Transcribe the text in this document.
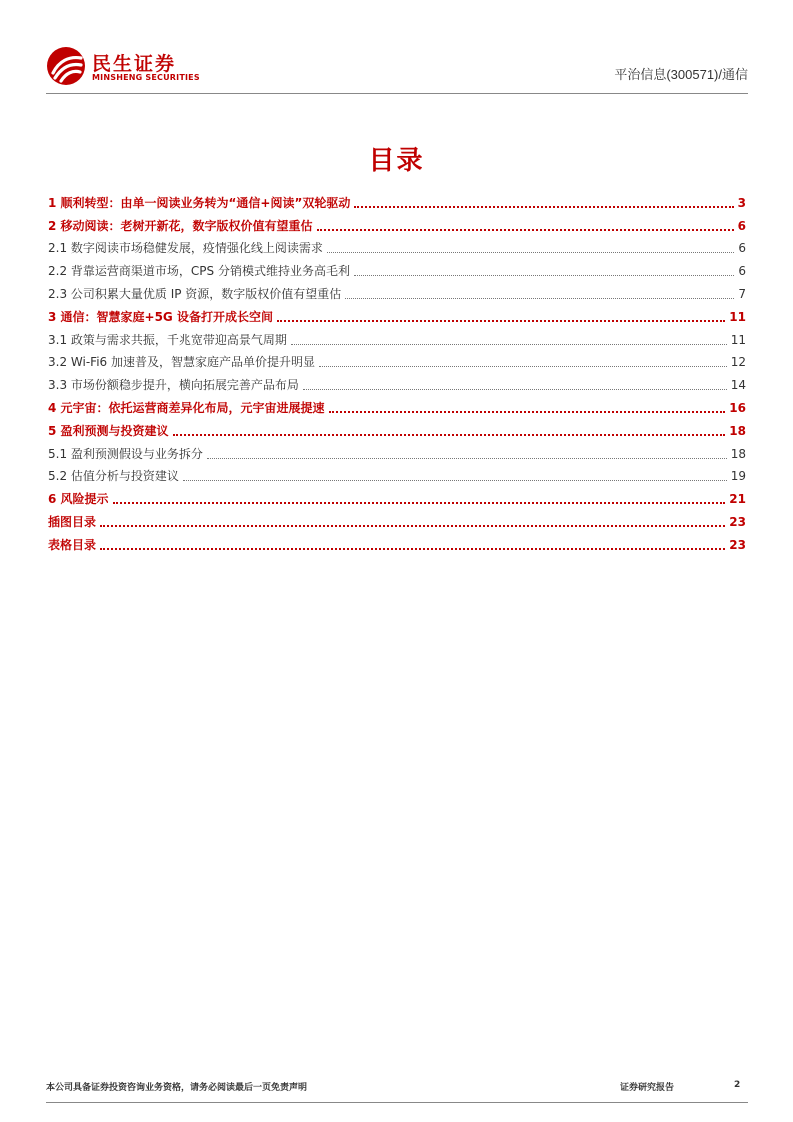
民生证券
MINSHENG SECURITIES	平治信息(300571)/通信
目录
1 顺利转型：由单一阅读业务转为“通信+阅读”双轮驱动	3
2 移动阅读：老树开新花，数字版权价值有望重估	6
2.1 数字阅读市场稳健发展，疫情强化线上阅读需求	6
2.2 背靠运营商渠道市场，CPS 分销模式维持业务高毛利	6
2.3 公司积累大量优质 IP 资源，数字版权价值有望重估	7
3 通信：智慧家庭+5G 设备打开成长空间	11
3.1 政策与需求共振，千兆宽带迎高景气周期	11
3.2 Wi-Fi6 加速普及，智慧家庭产品单价提升明显	12
3.3 市场份额稳步提升，横向拓展完善产品布局	14
4 元宇宙：依托运营商差异化布局，元宇宙进展提速	16
5 盈利预测与投资建议	18
5.1 盈利预测假设与业务拆分	18
5.2 估值分析与投资建议	19
6 风险提示	21
插图目录	23
表格目录	23
本公司具备证券投资咨询业务资格，请务必阅读最后一页免责声明	证券研究报告	2
